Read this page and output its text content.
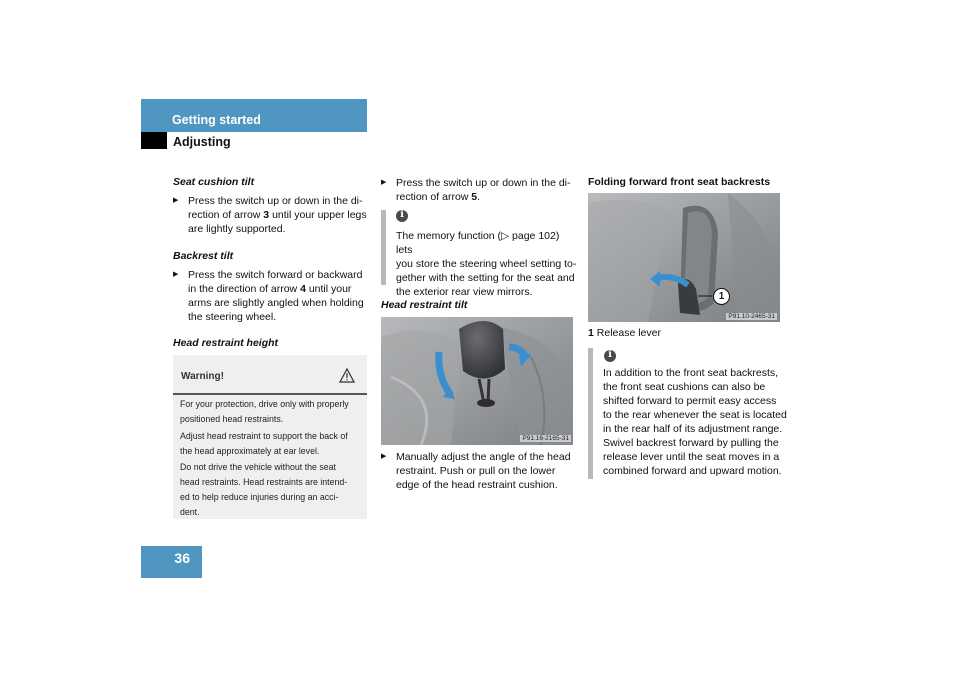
Getting started
Adjusting
Seat cushion tilt
▶ Press the switch up or down in the di-
rection of arrow 3 until your upper legs
are lightly supported.
Backrest tilt
▶ Press the switch forward or backward
in the direction of arrow 4 until your
arms are slightly angled when holding
the steering wheel.
Head restraint height
Warning!
For your protection, drive only with properly
positioned head restraints.
Adjust head restraint to support the back of
the head approximately at ear level.
Do not drive the vehicle without the seat
head restraints. Head restraints are intend-
ed to help reduce injuries during an acci-
dent.
▶ Press the switch up or down in the di-
rection of arrow 5.
i
The memory function (▷ page 102) lets
you store the steering wheel setting to-
gether with the setting for the seat and
the exterior rear view mirrors.
Head restraint tilt
P91.16-2165-31
▶ Manually adjust the angle of the head
restraint. Push or pull on the lower
edge of the head restraint cushion.
Folding forward front seat backrests
1
P91.10-2465-31
1 Release lever
i
In addition to the front seat backrests,
the front seat cushions can also be
shifted forward to permit easy access
to the rear whenever the seat is located
in the rear half of its adjustment range.
Swivel backrest forward by pulling the
release lever until the seat moves in a
combined forward and upward motion.
36
